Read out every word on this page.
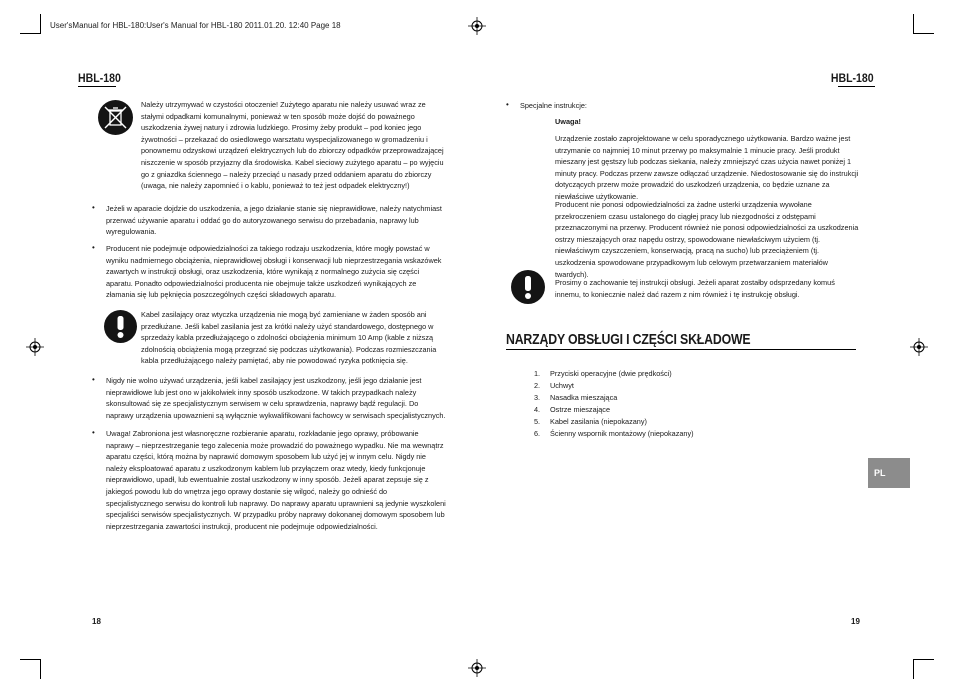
User'sManual for HBL-180:User's Manual for HBL-180 2011.01.20. 12:40 Page 18
HBL-180	HBL-180
Należy utrzymywać w czystości otoczenie! Zużytego aparatu nie należy usuwać wraz ze stałymi odpadkami komunalnymi, ponieważ w ten sposób może dojść do poważnego uszkodzenia żywej natury i zdrowia ludzkiego. Prosimy żeby produkt – pod koniec jego żywotności – przekazać do osiedlowego warsztatu wyspecjalizowanego w gromadzeniu i ponownemu odzyskowi urządzeń elektrycznych lub do zbiorczy odpadków przeprowadzającej niszczenie w sposób przyjazny dla środowiska. Kabel sieciowy zużytego aparatu – po wyjęciu go z gniazdka ściennego – należy przeciąć u nasady przed oddaniem aparatu do zbiorczy (uwaga, nie należy zapomnieć i o kablu, ponieważ to też jest odpadek elektryczny!)
• Jeżeli w aparacie dojdzie do uszkodzenia, a jego działanie stanie się nieprawidłowe, należy natychmiast przerwać używanie aparatu i oddać go do autoryzowanego serwisu do przebadania, naprawy lub wyregulowania.
• Producent nie podejmuje odpowiedzialności za takiego rodzaju uszkodzenia, które mogły powstać w wyniku nadmiernego obciążenia, nieprawidłowej obsługi i konserwacji lub nieprzestrzegania wskazówek zawartych w instrukcji obsługi, oraz uszkodzenia, które wynikają z normalnego zużycia się części aparatu. Ponadto odpowiedzialności producenta nie obejmuje także uszkodzeń wynikających ze złamania się lub pęknięcia poszczególnych części składowych aparatu.
Kabel zasilający oraz wtyczka urządzenia nie mogą być zamieniane w żaden sposób ani przedłużane. Jeśli kabel zasilania jest za krótki należy użyć standardowego, dostępnego w sprzedaży kabla przedłużającego o zdolności obciążenia minimum 10 Amp (kable z niższą zdolnością obciążenia mogą przegrzać się podczas użytkowania). Podczas rozmieszczania kabla przedłużającego należy pamiętać, aby nie powodować ryzyka potknięcia się.
• Nigdy nie wolno używać urządzenia, jeśli kabel zasilający jest uszkodzony, jeśli jego działanie jest nieprawidłowe lub jest ono w jakikolwiek inny sposób uszkodzone. W takich przypadkach należy skonsultować się ze specjalistycznym serwisem w celu sprawdzenia, naprawy bądź regulacji. Do naprawy urządzenia upowaznieni są wyłącznie wykwalifikowani fachowcy w serwisach specjalistycznych.
• Uwaga! Zabroniona jest własnoręczne rozbieranie aparatu, rozkładanie jego oprawy, próbowanie naprawy – nieprzestrzeganie tego zalecenia może prowadzić do poważnego wypadku. Nie ma wewnątrz aparatu części, którą można by naprawić domowym sposobem lub użyć jej w innym celu. Nigdy nie należy eksploatować aparatu z uszkodzonym kablem lub przyłączem oraz wtedy, kiedy funkcjonuje nieprawidłowo, upadł, lub ewentualnie został uszkodzony w inny sposób. Jeżeli aparat zepsuje się z jakiegoś powodu lub do wnętrza jego oprawy dostanie się wilgoć, należy go odnieść do specjalistycznego serwisu do kontroli lub naprawy. Do naprawy aparatu uprawnieni są jedynie wyszkoleni specjaliści serwisów specjalistycznych. W przypadku próby naprawy dokonanej domowym sposobem lub nieprzestrzegania zawartości instrukcji, producent nie podejmuje odpowiedzialności.
18
• Specjalne instrukcje:
Uwaga!
Urządzenie zostało zaprojektowane w celu sporadycznego użytkowania. Bardzo ważne jest utrzymanie co najmniej 10 minut przerwy po maksymalnie 1 minucie pracy. Jeśli produkt mieszany jest gęstszy lub podczas siekania, należy zmniejszyć czas użycia nawet poniżej 1 minuty pracy. Podczas przerw zawsze odłączać urządzenie. Niedostosowanie się do instrukcji dotyczących przerw może prowadzić do uszkodzeń urządzenia, co będzie uznane za niewłaściwe użytkowanie.
Producent nie ponosi odpowiedzialności za żadne usterki urządzenia wywołane przekroczeniem czasu ustalonego do ciągłej pracy lub niezgodności z odstępami przeznaczonymi na przerwy. Producent również nie ponosi odpowiedzialności za uszkodzenia ostrzy mieszających oraz napędu ostrzy, spowodowane niewłaściwym użyciem (tj. niewłaściwym czyszczeniem, konserwacją, pracą na sucho) lub przeciążeniem (tj. uszkodzenia spowodowane przypadkowym lub celowym przetwarzaniem materiałów twardych).
Prosimy o zachowanie tej instrukcji obsługi. Jeżeli aparat zostałby odsprzedany komuś innemu, to koniecznie należ dać razem z nim również i tę instrukcję obsługi.
NARZĄDY OBSŁUGI I CZĘŚCI SKŁADOWE
1.	Przyciski operacyjne (dwie prędkości)
2.	Uchwyt
3.	Nasadka mieszająca
4.	Ostrze mieszające
5.	Kabel zasilania (niepokazany)
6.	Ścienny wspornik montażowy (niepokazany)
PL
19
